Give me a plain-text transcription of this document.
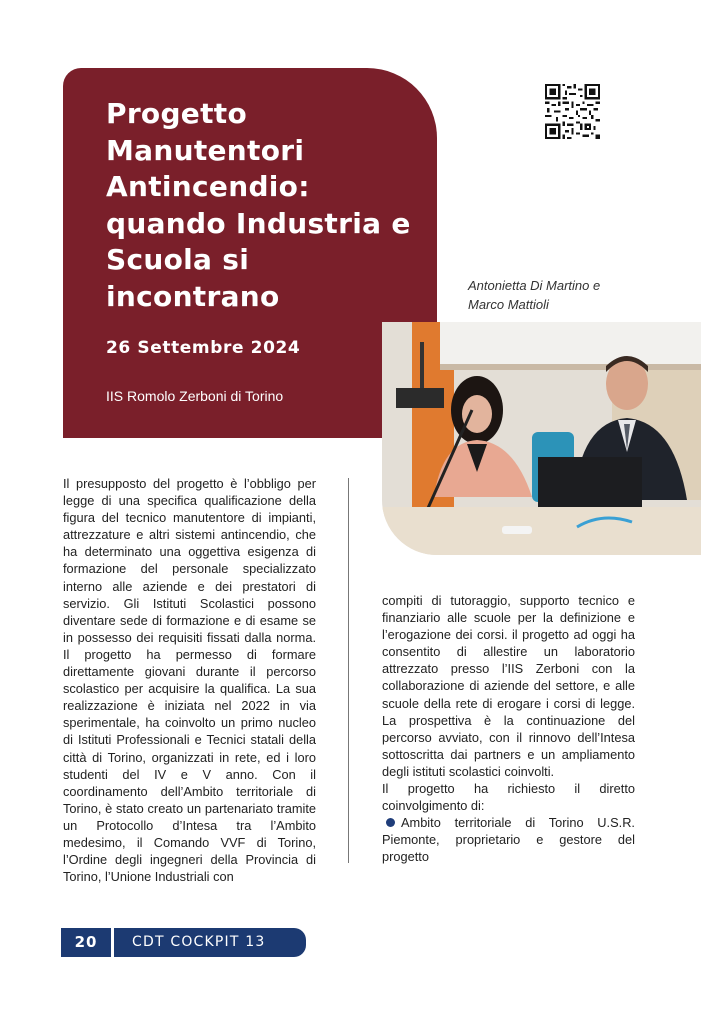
Progetto Manutentori Antincendio: quando Industria e Scuola si incontrano
26 Settembre 2024
IIS Romolo Zerboni di Torino
Antonietta Di Martino e
Marco Mattioli

Il presupposto del progetto è l’obbligo per legge di una specifica qualificazione della figura del tecnico manutentore di impianti, attrezzature e altri sistemi antincendio, che ha determinato una oggettiva esigenza di formazione del personale specializzato interno alle aziende e dei prestatori di servizio. Gli Istituti Scolastici possono diventare sede di formazione e di esame se in possesso dei requisiti fissati dalla norma. Il progetto ha permesso di formare direttamente giovani durante il percorso scolastico per acquisire la qualifica. La sua realizzazione è iniziata nel 2022 in via sperimentale, ha coinvolto un primo nucleo di Istituti Professionali e Tecnici statali della città di Torino, organizzati in rete, ed i loro studenti del IV e V anno. Con il coordinamento dell’Ambito territoriale di Torino, è stato creato un partenariato tramite un Protocollo d’Intesa tra l’Ambito medesimo, il Comando VVF di Torino, l’Ordine degli ingegneri della Provincia di Torino, l’Unione Industriali con

compiti di tutoraggio, supporto tecnico e finanziario alle scuole per la definizione e l’erogazione dei corsi. il progetto ad oggi ha consentito di allestire un laboratorio attrezzato presso l’IIS Zerboni con la collaborazione di aziende del settore, e alle scuole della rete di erogare i corsi di legge. La prospettiva è la continuazione del percorso avviato, con il rinnovo dell’Intesa sottoscritta dai partners e un ampliamento degli istituti scolastici coinvolti.

Il progetto ha richiesto il diretto coinvolgimento di:

Ambito territoriale di Torino U.S.R. Piemonte, proprietario e gestore del progetto

20	CDT COCKPIT 13
